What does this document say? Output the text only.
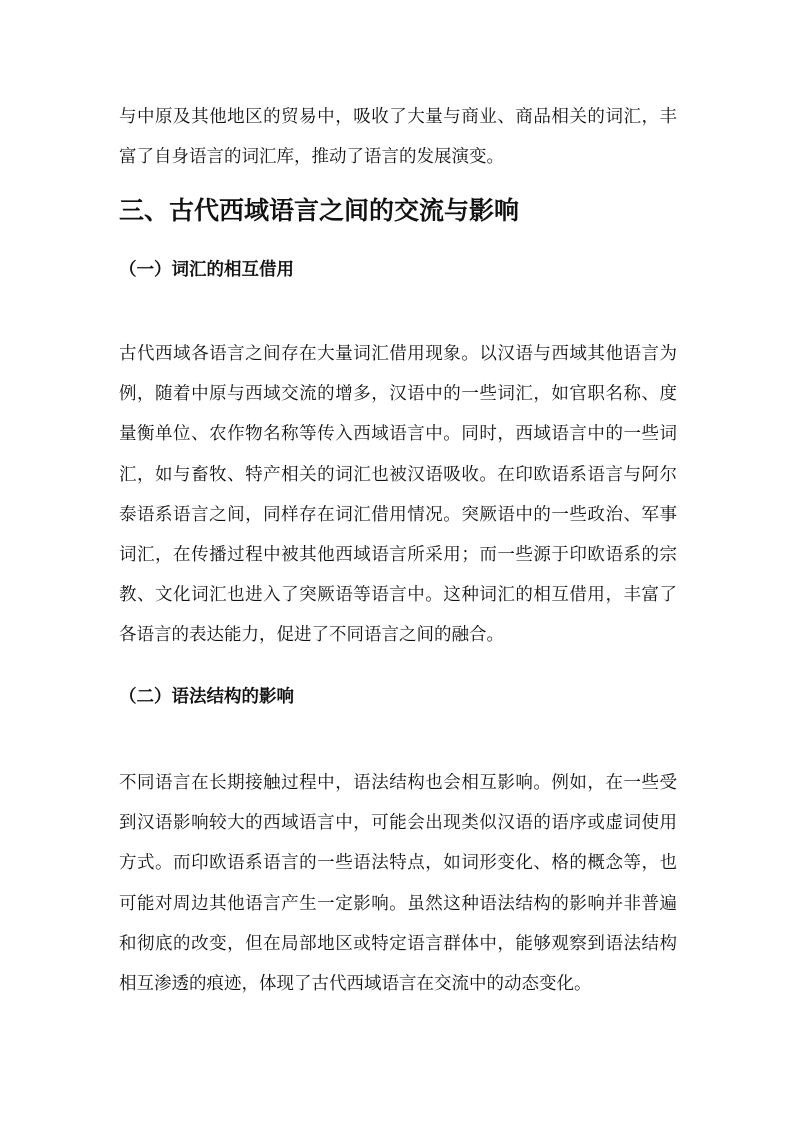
与中原及其他地区的贸易中，吸收了大量与商业、商品相关的词汇，丰富了自身语言的词汇库，推动了语言的发展演变。

三、古代西域语言之间的交流与影响
（一）词汇的相互借用

古代西域各语言之间存在大量词汇借用现象。以汉语与西域其他语言为例，随着中原与西域交流的增多，汉语中的一些词汇，如官职名称、度量衡单位、农作物名称等传入西域语言中。同时，西域语言中的一些词汇，如与畜牧、特产相关的词汇也被汉语吸收。在印欧语系语言与阿尔泰语系语言之间，同样存在词汇借用情况。突厥语中的一些政治、军事词汇，在传播过程中被其他西域语言所采用；而一些源于印欧语系的宗教、文化词汇也进入了突厥语等语言中。这种词汇的相互借用，丰富了各语言的表达能力，促进了不同语言之间的融合。

（二）语法结构的影响

不同语言在长期接触过程中，语法结构也会相互影响。例如，在一些受到汉语影响较大的西域语言中，可能会出现类似汉语的语序或虚词使用方式。而印欧语系语言的一些语法特点，如词形变化、格的概念等，也可能对周边其他语言产生一定影响。虽然这种语法结构的影响并非普遍和彻底的改变，但在局部地区或特定语言群体中，能够观察到语法结构相互渗透的痕迹，体现了古代西域语言在交流中的动态变化。
